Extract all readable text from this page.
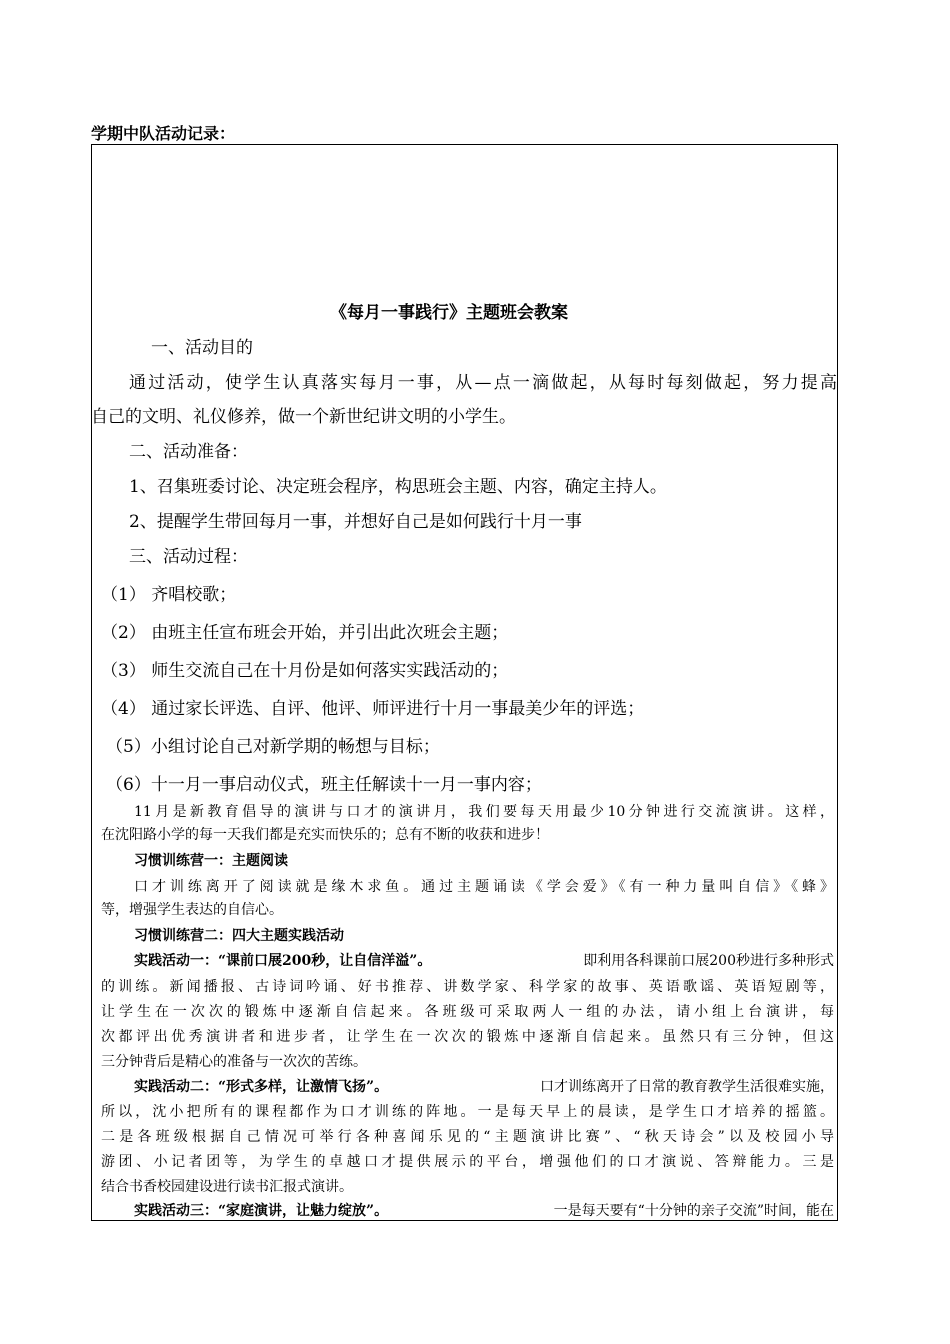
学期中队活动记录：
《每月一事践行》主题班会教案
一、活动目的
通过活动，使学生认真落实每月一事，从—点一滴做起，从每时每刻做起，努力提高
自己的文明、礼仪修养，做一个新世纪讲文明的小学生。
二、活动准备：
1、召集班委讨论、决定班会程序，构思班会主题、内容，确定主持人。
2、提醒学生带回每月一事，并想好自己是如何践行十月一事
三、活动过程：
（1） 齐唱校歌；
（2） 由班主任宣布班会开始，并引出此次班会主题；
（3） 师生交流自己在十月份是如何落实实践活动的；
（4） 通过家长评选、自评、他评、师评进行十月一事最美少年的评选；
（5）小组讨论自己对新学期的畅想与目标；
（6）十一月一事启动仪式，班主任解读十一月一事内容；
11月是新教育倡导的演讲与口才的演讲月，我们要每天用最少10分钟进行交流演讲。这样，
在沈阳路小学的每一天我们都是充实而快乐的；总有不断的收获和进步！
习惯训练营一：主题阅读
口才训练离开了阅读就是缘木求鱼。通过主题诵读《学会爱》《有一种力量叫自信》《蜂》
等，增强学生表达的自信心。
习惯训练营二：四大主题实践活动
实践活动一：“课前口展200秒，让自信洋溢”。	即利用各科课前口展200秒进行多种形式
的训练。新闻播报、古诗词吟诵、好书推荐、讲数学家、科学家的故事、英语歌谣、英语短剧等，
让学生在一次次的锻炼中逐渐自信起来。各班级可采取两人一组的办法，请小组上台演讲，每
次都评出优秀演讲者和进步者，让学生在一次次的锻炼中逐渐自信起来。虽然只有三分钟，但这
三分钟背后是精心的准备与一次次的苦练。
实践活动二：“形式多样，让激情飞扬”。	口才训练离开了日常的教育教学生活很难实施，
所以，沈小把所有的课程都作为口才训练的阵地。一是每天早上的晨读，是学生口才培养的摇篮。
二是各班级根据自己情况可举行各种喜闻乐见的“主题演讲比赛”、“秋天诗会”以及校园小导
游团、小记者团等，为学生的卓越口才提供展示的平台，增强他们的口才演说、答辩能力。三是
结合书香校园建设进行读书汇报式演讲。
实践活动三：“家庭演讲，让魅力绽放”。	一是每天要有“十分钟的亲子交流”时间，能在
